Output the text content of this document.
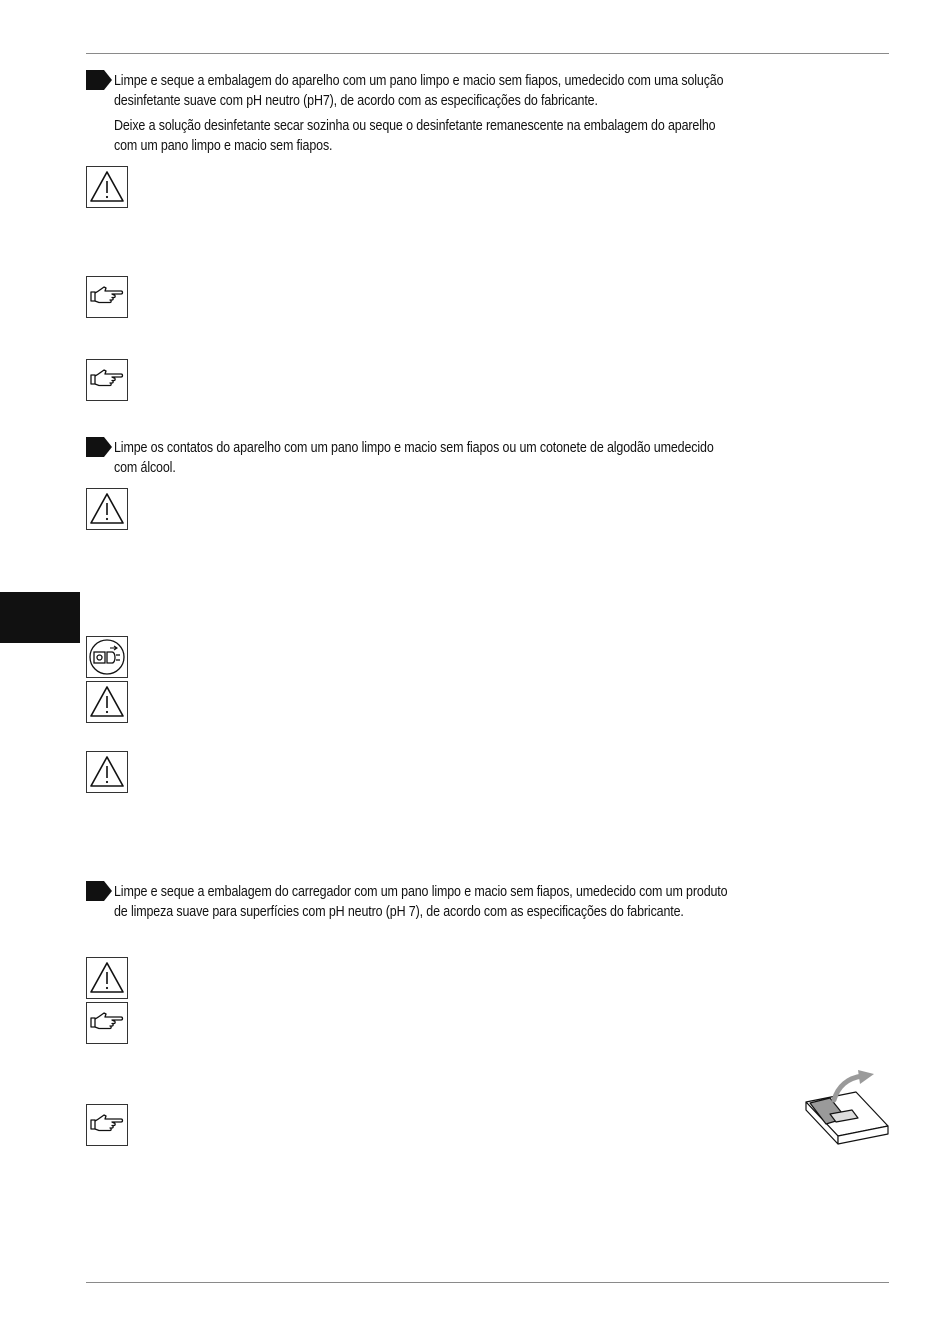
Limpe e seque a embalagem do aparelho com um pano limpo e macio sem fiapos, umedecido com uma solução
desinfetante suave com pH neutro (pH7), de acordo com as especificações do fabricante.

Deixe a solução desinfetante secar sozinha ou seque o desinfetante remanescente na embalagem do aparelho
com um pano limpo e macio sem fiapos.

Limpe os contatos do aparelho com um pano limpo e macio sem fiapos ou um cotonete de algodão umedecido
com álcool.

Limpe e seque a embalagem do carregador com um pano limpo e macio sem fiapos, umedecido com um produto
de limpeza suave para superfícies com pH neutro (pH 7), de acordo com as especificações do fabricante.
